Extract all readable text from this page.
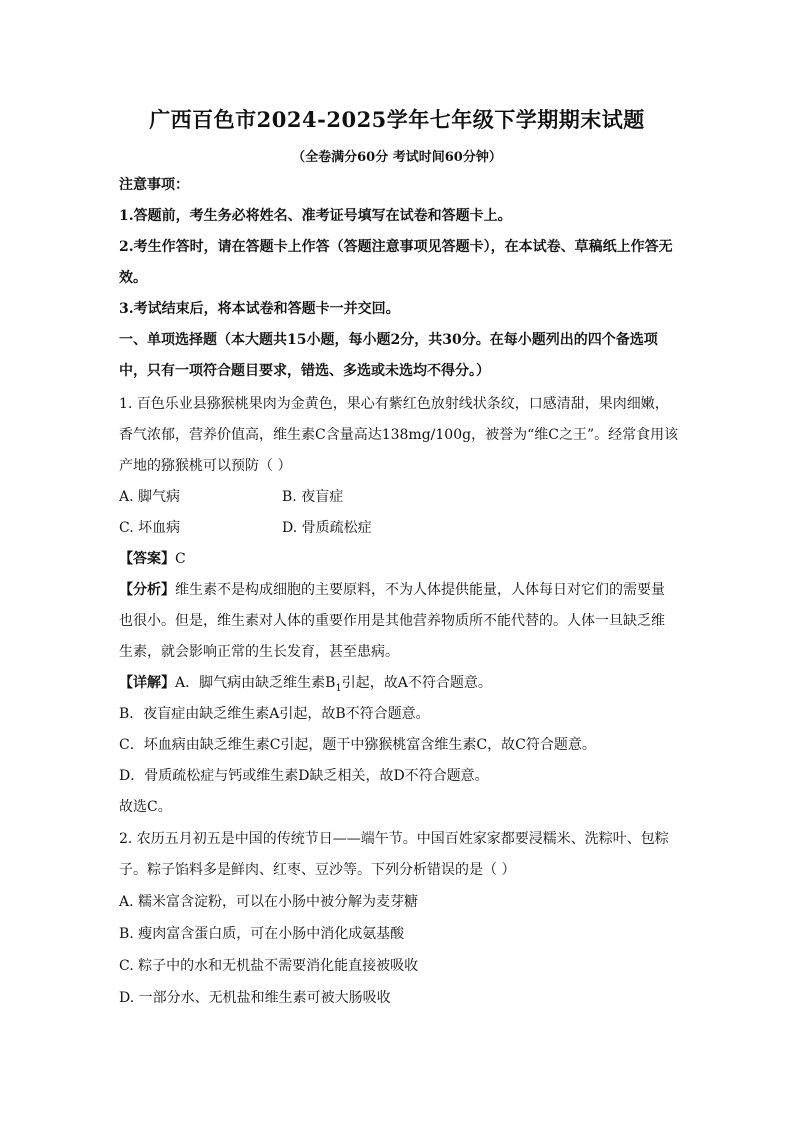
广西百色市2024-2025学年七年级下学期期末试题
（全卷满分60分 考试时间60分钟）
注意事项：
1.答题前，考生务必将姓名、准考证号填写在试卷和答题卡上。
2.考生作答时，请在答题卡上作答（答题注意事项见答题卡），在本试卷、草稿纸上作答无
效。
3.考试结束后，将本试卷和答题卡一并交回。
一、单项选择题（本大题共15小题，每小题2分，共30分。在每小题列出的四个备选项
中，只有一项符合题目要求，错选、多选或未选均不得分。）
1. 百色乐业县猕猴桃果肉为金黄色，果心有紫红色放射线状条纹，口感清甜，果肉细嫩，
香气浓郁，营养价值高，维生素C含量高达138mg/100g，被誉为“维C之王”。经常食用该
产地的猕猴桃可以预防（ ）
A. 脚气病	B. 夜盲症
C. 坏血病	D. 骨质疏松症
【答案】C
【分析】维生素不是构成细胞的主要原料，不为人体提供能量，人体每日对它们的需要量
也很小。但是，维生素对人体的重要作用是其他营养物质所不能代替的。人体一旦缺乏维
生素，就会影响正常的生长发育，甚至患病。
【详解】A．脚气病由缺乏维生素$B_1$引起，故A不符合题意。
B．夜盲症由缺乏维生素A引起，故B不符合题意。
C．坏血病由缺乏维生素C引起，题干中猕猴桃富含维生素C，故C符合题意。
D．骨质疏松症与钙或维生素D缺乏相关，故D不符合题意。
故选C。
2. 农历五月初五是中国的传统节日——端午节。中国百姓家家都要浸糯米、洗粽叶、包粽
子。粽子馅料多是鲜肉、红枣、豆沙等。下列分析错误的是（ ）
A. 糯米富含淀粉，可以在小肠中被分解为麦芽糖
B. 瘦肉富含蛋白质，可在小肠中消化成氨基酸
C. 粽子中的水和无机盐不需要消化能直接被吸收
D. 一部分水、无机盐和维生素可被大肠吸收
